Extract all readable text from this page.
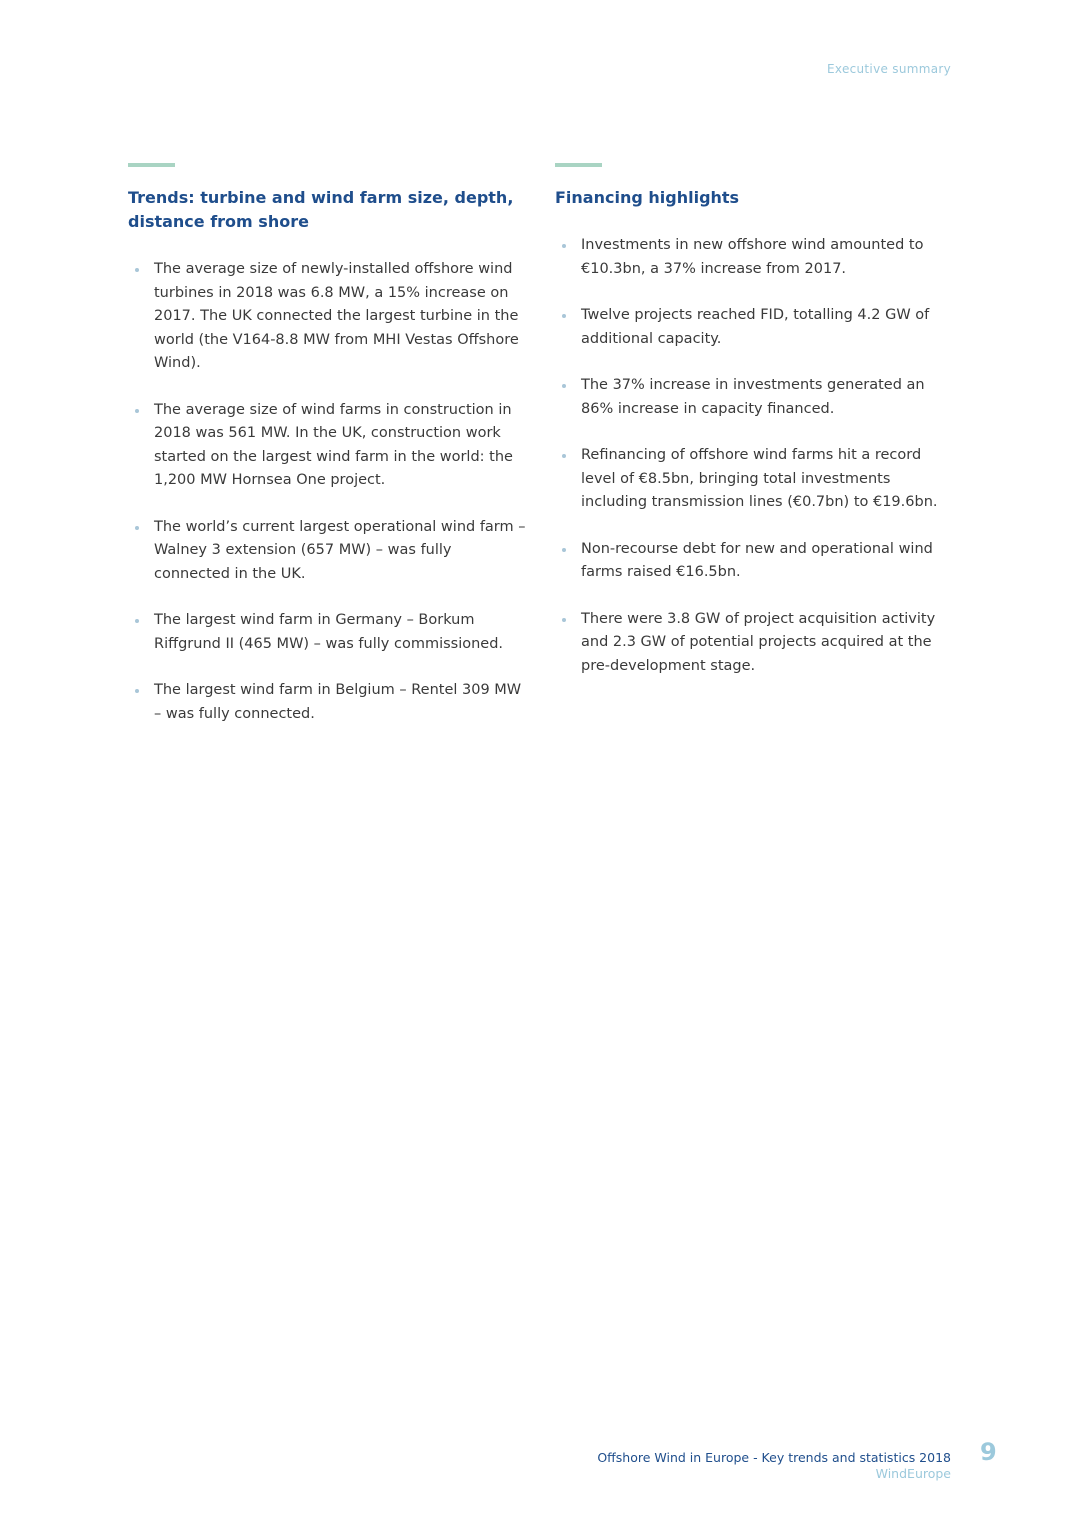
Executive summary
Trends: turbine and wind farm size, depth, distance from shore
The average size of newly-installed offshore wind turbines in 2018 was 6.8 MW, a 15% increase on 2017. The UK connected the largest turbine in the world (the V164-8.8 MW from MHI Vestas Offshore Wind).
The average size of wind farms in construction in 2018 was 561 MW. In the UK, construction work started on the largest wind farm in the world: the 1,200 MW Hornsea One project.
The world’s current largest operational wind farm – Walney 3 extension (657 MW) – was fully connected in the UK.
The largest wind farm in Germany – Borkum Riffgrund II (465 MW) – was fully commissioned.
The largest wind farm in Belgium – Rentel 309 MW – was fully connected.
Financing highlights
Investments in new offshore wind amounted to €10.3bn, a 37% increase from 2017.
Twelve projects reached FID, totalling 4.2 GW of additional capacity.
The 37% increase in investments generated an 86% increase in capacity financed.
Refinancing of offshore wind farms hit a record level of €8.5bn, bringing total investments including transmission lines (€0.7bn) to €19.6bn.
Non-recourse debt for new and operational wind farms raised €16.5bn.
There were 3.8 GW of project acquisition activity and 2.3 GW of potential projects acquired at the pre-development stage.
Offshore Wind in Europe - Key trends and statistics 2018
WindEurope
9
